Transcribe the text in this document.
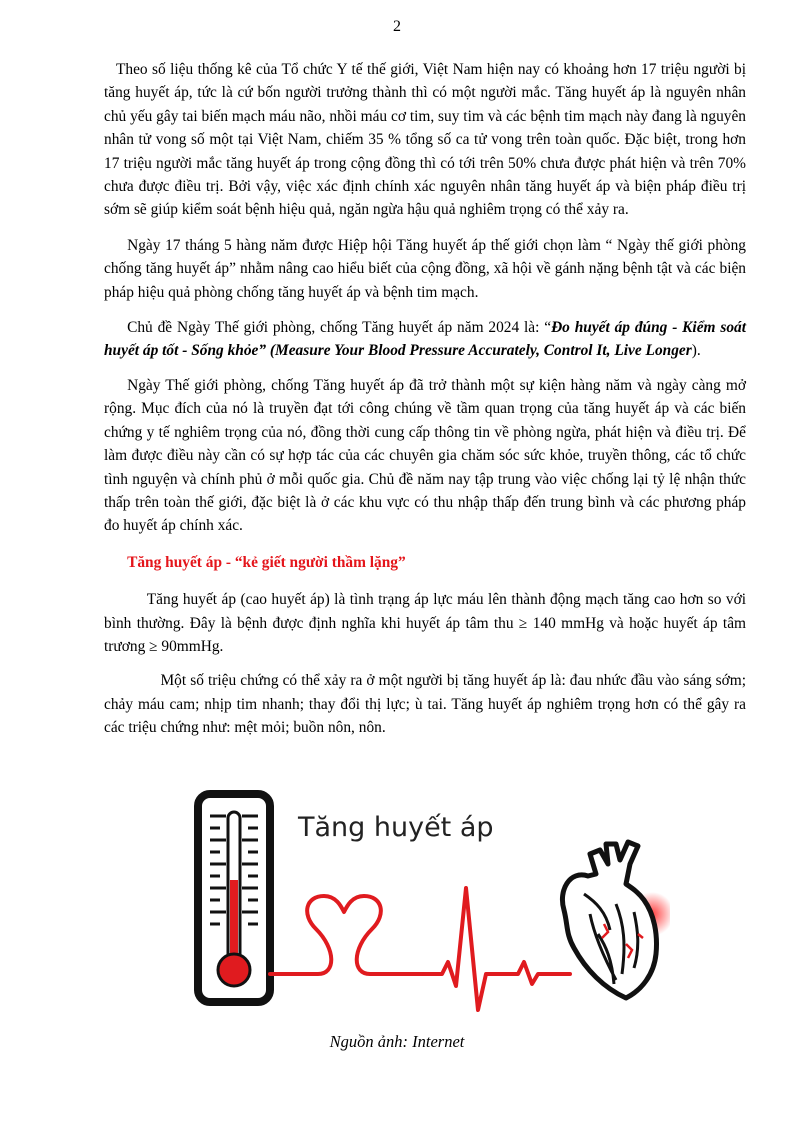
2

Theo số liệu thống kê của Tổ chức Y tế thế giới, Việt Nam hiện nay có khoảng hơn 17 triệu người bị tăng huyết áp, tức là cứ bốn người trưởng thành thì có một người mắc. Tăng huyết áp là nguyên nhân chủ yếu gây tai biến mạch máu não, nhồi máu cơ tim, suy tim và các bệnh tim mạch này đang là nguyên nhân tử vong số một tại Việt Nam, chiếm 35 % tổng số ca tử vong trên toàn quốc. Đặc biệt, trong hơn 17 triệu người mắc tăng huyết áp trong cộng đồng thì có tới trên 50% chưa được phát hiện và trên 70% chưa được điều trị. Bởi vậy, việc xác định chính xác nguyên nhân tăng huyết áp và biện pháp điều trị sớm sẽ giúp kiểm soát bệnh hiệu quả, ngăn ngừa hậu quả nghiêm trọng có thể xảy ra.

  Ngày 17 tháng 5 hàng năm được Hiệp hội Tăng huyết áp thế giới chọn làm “ Ngày thế giới phòng chống tăng huyết áp” nhằm nâng cao hiểu biết của cộng đồng, xã hội về gánh nặng bệnh tật và các biện pháp hiệu quả phòng chống tăng huyết áp và bệnh tim mạch.

  Chủ đề Ngày Thế giới phòng, chống Tăng huyết áp năm 2024 là: “Đo huyết áp đúng - Kiểm soát huyết áp tốt - Sống khỏe” (Measure Your Blood Pressure Accurately, Control It, Live Longer).

  Ngày Thế giới phòng, chống Tăng huyết áp đã trở thành một sự kiện hàng năm và ngày càng mở rộng. Mục đích của nó là truyền đạt tới công chúng về tầm quan trọng của tăng huyết áp và các biến chứng y tế nghiêm trọng của nó, đồng thời cung cấp thông tin về phòng ngừa, phát hiện và điều trị. Để làm được điều này cần có sự hợp tác của các chuyên gia chăm sóc sức khỏe, truyền thông, các tổ chức tình nguyện và chính phủ ở mỗi quốc gia. Chủ đề năm nay tập trung vào việc chống lại tỷ lệ nhận thức thấp trên toàn thế giới, đặc biệt là ở các khu vực có thu nhập thấp đến trung bình và các phương pháp đo huyết áp chính xác.

  Tăng huyết áp - “kẻ giết người thầm lặng”

  Tăng huyết áp (cao huyết áp) là tình trạng áp lực máu lên thành động mạch tăng cao hơn so với bình thường. Đây là bệnh được định nghĩa khi huyết áp tâm thu ≥ 140 mmHg và hoặc huyết áp tâm trương ≥ 90mmHg.

   Một số triệu chứng có thể xảy ra ở một người bị tăng huyết áp là: đau nhức đầu vào sáng sớm; chảy máu cam; nhịp tim nhanh; thay đổi thị lực; ù tai. Tăng huyết áp nghiêm trọng hơn có thể gây ra các triệu chứng như: mệt mỏi; buồn nôn, nôn.

Tăng huyết áp
Nguồn ảnh: Internet
